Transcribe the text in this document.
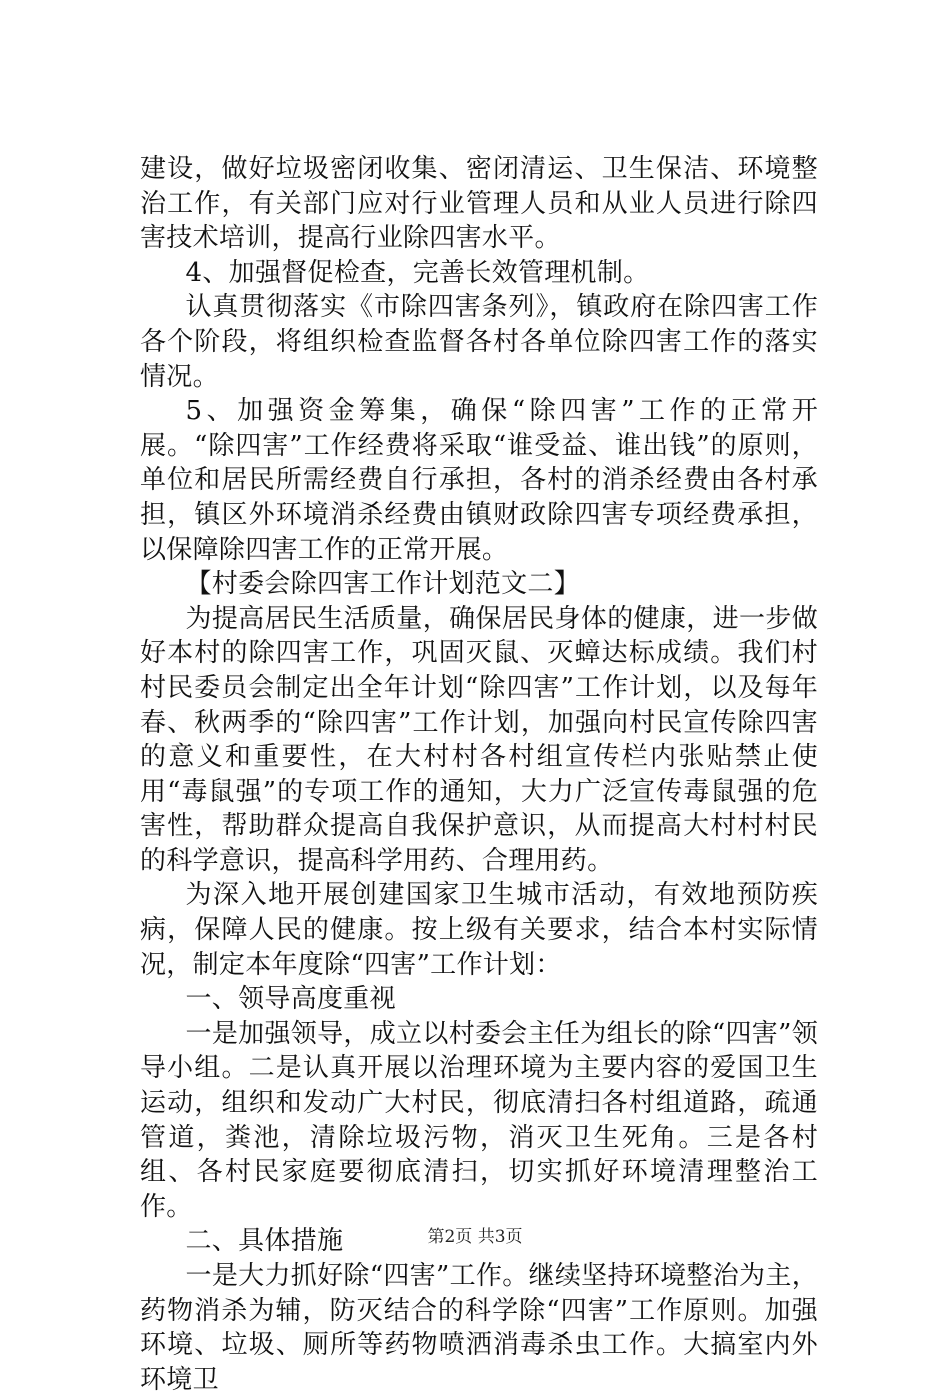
建设，做好垃圾密闭收集、密闭清运、卫生保洁、环境整治工作，有关部门应对行业管理人员和从业人员进行除四害技术培训，提高行业除四害水平。

4、加强督促检查，完善长效管理机制。

认真贯彻落实《市除四害条列》，镇政府在除四害工作各个阶段，将组织检查监督各村各单位除四害工作的落实情况。

5、加强资金筹集，确保“除四害”工作的正常开展。“除四害”工作经费将采取“谁受益、谁出钱”的原则，单位和居民所需经费自行承担，各村的消杀经费由各村承担，镇区外环境消杀经费由镇财政除四害专项经费承担，以保障除四害工作的正常开展。

【村委会除四害工作计划范文二】

为提高居民生活质量，确保居民身体的健康，进一步做好本村的除四害工作，巩固灭鼠、灭蟑达标成绩。我们村村民委员会制定出全年计划“除四害”工作计划，以及每年春、秋两季的“除四害”工作计划，加强向村民宣传除四害的意义和重要性，在大村村各村组宣传栏内张贴禁止使用“毒鼠强”的专项工作的通知，大力广泛宣传毒鼠强的危害性，帮助群众提高自我保护意识，从而提高大村村村民的科学意识，提高科学用药、合理用药。

为深入地开展创建国家卫生城市活动，有效地预防疾病，保障人民的健康。按上级有关要求，结合本村实际情况，制定本年度除“四害”工作计划：

一、领导高度重视

一是加强领导，成立以村委会主任为组长的除“四害”领导小组。二是认真开展以治理环境为主要内容的爱国卫生运动，组织和发动广大村民，彻底清扫各村组道路，疏通管道，粪池，清除垃圾污物，消灭卫生死角。三是各村组、各村民家庭要彻底清扫，切实抓好环境清理整治工作。

二、具体措施

一是大力抓好除“四害”工作。继续坚持环境整治为主，药物消杀为辅，防灭结合的科学除“四害”工作原则。加强环境、垃圾、厕所等药物喷洒消毒杀虫工作。大搞室内外环境卫

第2页 共3页
